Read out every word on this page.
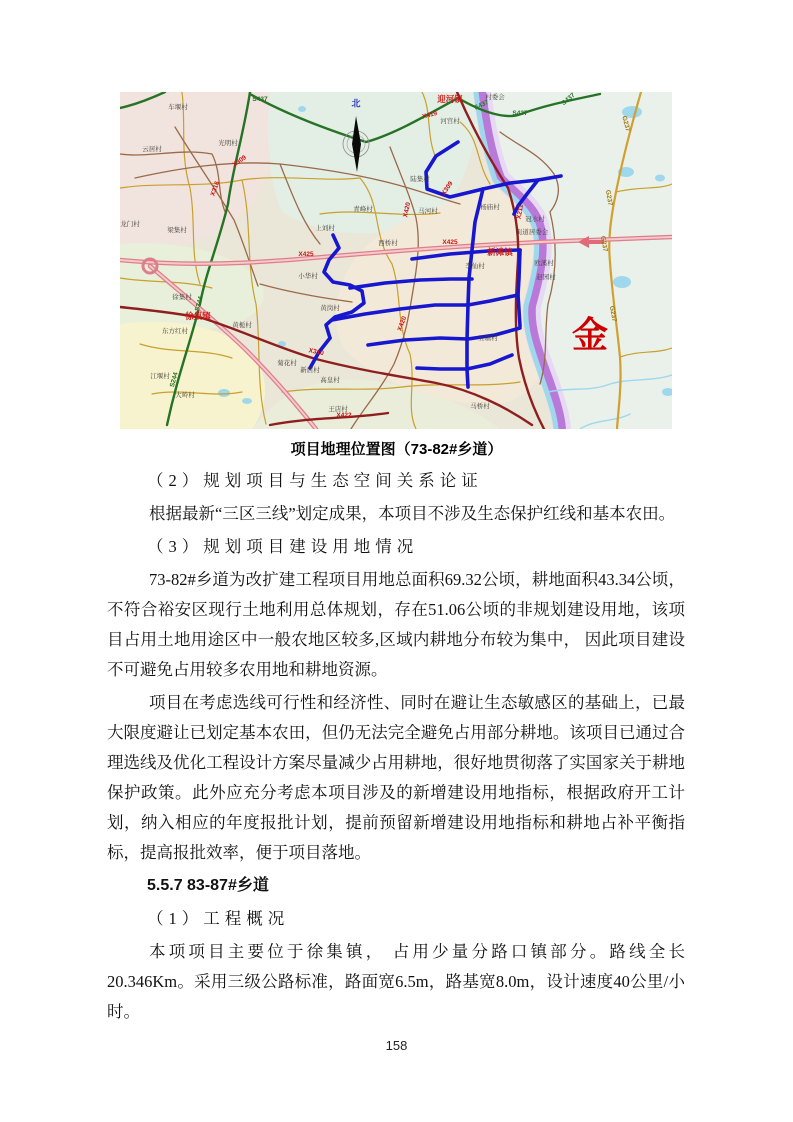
北
金
迎河镇
新滩镇
徐集镇
X419
X309
X309
X316
X420
X420
X425
X425
X211
X310
X422
S244
S244
S437	S437
S437
S437
G237
G237
G237
G237
村委会
街道居委会
车堰村
云居村
光明村
青峰村
上刘村
西桥村
小华村
黄岗村
河宫村
陆集村
马河村
杨庙村
冠水村
李仙村	欧溪村
赵园村
五塘村
马桥村
梁集村
龙门村
徐集村
东方红村
黄栀村
江堰村
大岭村
菊花村
新店村
高皇村
王店村
项目地理位置图（73-82#乡道）

（2）规划项目与生态空间关系论证

根据最新“三区三线”划定成果，本项目不涉及生态保护红线和基本农田。

（3）规划项目建设用地情况

73-82#乡道为改扩建工程项目用地总面积69.32公顷，耕地面积43.34公顷，不符合裕安区现行土地利用总体规划，存在51.06公顷的非规划建设用地，该项目占用土地用途区中一般农地区较多,区域内耕地分布较为集中， 因此项目建设不可避免占用较多农用地和耕地资源。

项目在考虑选线可行性和经济性、同时在避让生态敏感区的基础上，已最大限度避让已划定基本农田，但仍无法完全避免占用部分耕地。该项目已通过合理选线及优化工程设计方案尽量减少占用耕地，很好地贯彻落了实国家关于耕地保护政策。此外应充分考虑本项目涉及的新增建设用地指标，根据政府开工计划，纳入相应的年度报批计划，提前预留新增建设用地指标和耕地占补平衡指标，提高报批效率，便于项目落地。

5.5.7 83-87#乡道

（1）工程概况

本项项目主要位于徐集镇， 占用少量分路口镇部分。路线全长20.346Km。采用三级公路标准，路面宽6.5m，路基宽8.0m，设计速度40公里/小时。

158
